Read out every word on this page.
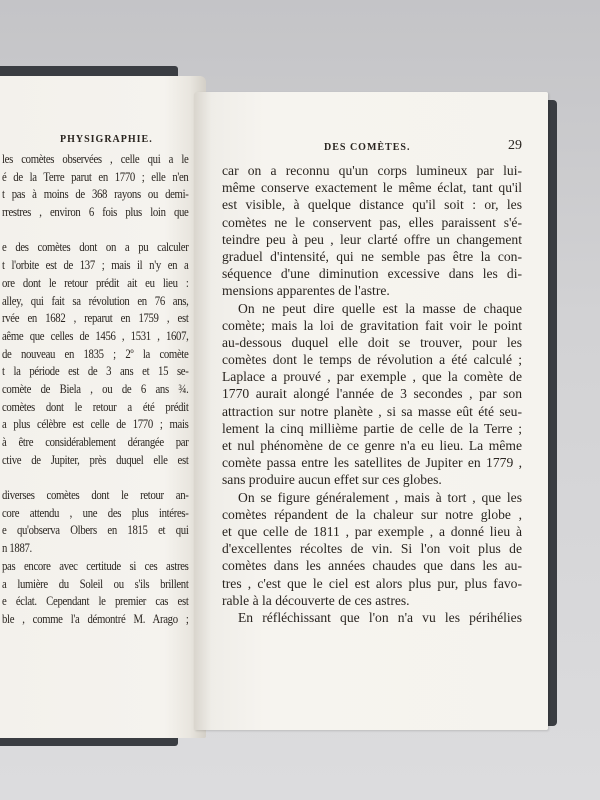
PHYSIGRAPHIE.
les comètes observées , celle qui a le
é de la Terre parut en 1770 ; elle n'en
t pas à moins de 368 rayons ou demi-
rrestres , environ 6 fois plus loin que
e des comètes dont on a pu calculer
t l'orbite est de 137 ; mais il n'y en a
ore dont le retour prédit ait eu lieu :
alley, qui fait sa révolution en 76 ans,
rvée en 1682 , reparut en 1759 , est
aême que celles de 1456 , 1531 , 1607,
de nouveau en 1835 ; 2º la comète
t la période est de 3 ans et 15 se-
comète de Biela , ou de 6 ans ¾.
comètes dont le retour a été prédit
a plus célèbre est celle de 1770 ; mais
à être considérablement dérangée par
ctive de Jupiter, près duquel elle est
diverses comètes dont le retour an-
core attendu , une des plus intéres-
e qu'observa Olbers en 1815 et qui
n 1887.
pas encore avec certitude si ces astres
a lumière du Soleil ou s'ils brillent
e éclat. Cependant le premier cas est
ble , comme l'a démontré M. Arago ;
DES COMÈTES.	29
car on a reconnu qu'un corps lumineux par lui-
même conserve exactement le même éclat, tant qu'il
est visible, à quelque distance qu'il soit : or, les
comètes ne le conservent pas, elles paraissent s'é-
teindre peu à peu , leur clarté offre un changement
graduel d'intensité, qui ne semble pas être la con-
séquence d'une diminution excessive dans les di-
mensions apparentes de l'astre.
On ne peut dire quelle est la masse de chaque
comète; mais la loi de gravitation fait voir le point
au-dessous duquel elle doit se trouver, pour les
comètes dont le temps de révolution a été calculé ;
Laplace a prouvé , par exemple , que la comète de
1770 aurait alongé l'année de 3 secondes , par son
attraction sur notre planète , si sa masse eût été seu-
lement la cinq millième partie de celle de la Terre ;
et nul phénomène de ce genre n'a eu lieu. La même
comète passa entre les satellites de Jupiter en 1779 ,
sans produire aucun effet sur ces globes.
On se figure généralement , mais à tort , que les
comètes répandent de la chaleur sur notre globe ,
et que celle de 1811 , par exemple , a donné lieu à
d'excellentes récoltes de vin. Si l'on voit plus de
comètes dans les années chaudes que dans les au-
tres , c'est que le ciel est alors plus pur, plus favo-
rable à la découverte de ces astres.
En réfléchissant que l'on n'a vu les périhélies
